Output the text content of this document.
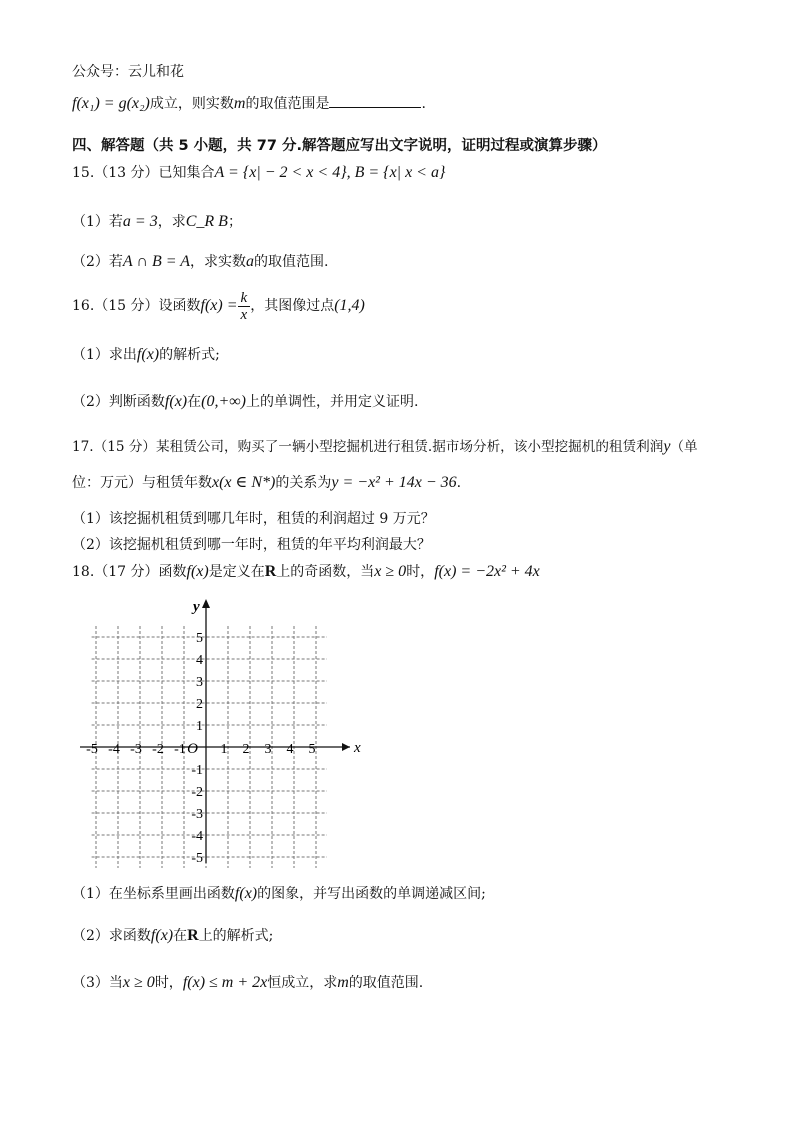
公众号：云儿和花
f(x₁) = g(x₂)成立，则实数m的取值范围是	.
四、解答题（共 5 小题，共 77 分.解答题应写出文字说明，证明过程或演算步骤）
15.（13 分）已知集合A = {x| − 2 < x < 4}, B = {x| x < a}
（1）若a = 3，求C_R B；
（2）若A ∩ B = A，求实数a的取值范围.
16.（15 分）设函数$f(x) = \frac{k}{x}$ ，其图像过点(1,4)
（1）求出f(x)的解析式;
（2）判断函数f(x)在(0,+∞)上的单调性，并用定义证明.
17.（15 分）某租赁公司，购买了一辆小型挖掘机进行租赁.据市场分析，该小型挖掘机的租赁利润y（单
位：万元）与租赁年数x(x ∈ N*)的关系为y = −x² + 14x − 36.
（1）该挖掘机租赁到哪几年时，租赁的利润超过 9 万元？
（2）该挖掘机租赁到哪一年时，租赁的年平均利润最大？
18.（17 分）函数f(x)是定义在R上的奇函数，当x ≥ 0时，f(x) = −2x² + 4x
x
y
O
-5 -4 -3 -2 -1 1 2 3 4 5
5
4
3
2
1
-1
-2
-3
-4
-5
（1）在坐标系里画出函数f(x)的图象，并写出函数的单调递减区间;
（2）求函数f(x)在R上的解析式;
（3）当x ≥ 0时，f(x) ≤ m + 2x恒成立，求m的取值范围.
